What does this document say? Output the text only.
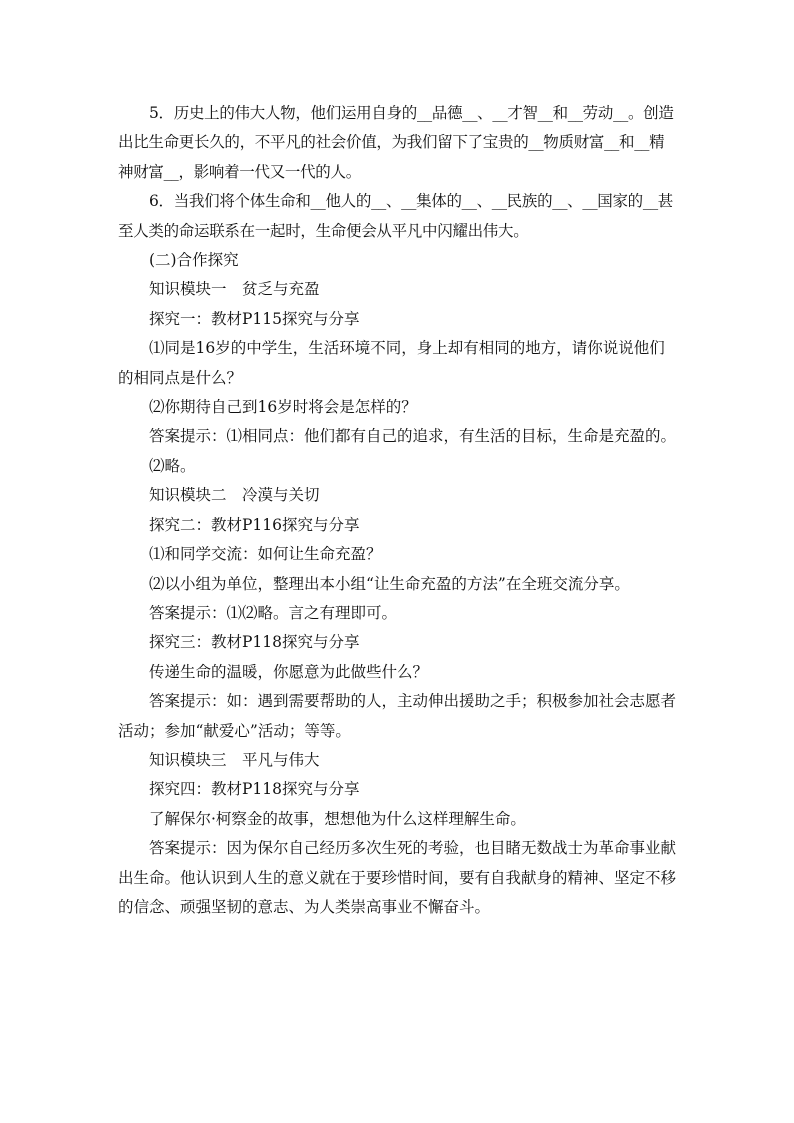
5．历史上的伟大人物，他们运用自身的__品德__、__才智__和__劳动__。创造出比生命更长久的，不平凡的社会价值，为我们留下了宝贵的__物质财富__和__精神财富__，影响着一代又一代的人。

6．当我们将个体生命和__他人的__、__集体的__、__民族的__、__国家的__甚至人类的命运联系在一起时，生命便会从平凡中闪耀出伟大。

(二)合作探究

知识模块一　贫乏与充盈

探究一：教材P115探究与分享

⑴同是16岁的中学生，生活环境不同，身上却有相同的地方，请你说说他们的相同点是什么？

⑵你期待自己到16岁时将会是怎样的？

答案提示：⑴相同点：他们都有自己的追求，有生活的目标，生命是充盈的。

⑵略。

知识模块二　冷漠与关切

探究二：教材P116探究与分享

⑴和同学交流：如何让生命充盈？

⑵以小组为单位，整理出本小组“让生命充盈的方法”在全班交流分享。

答案提示：⑴⑵略。言之有理即可。

探究三：教材P118探究与分享

传递生命的温暖，你愿意为此做些什么？

答案提示：如：遇到需要帮助的人，主动伸出援助之手；积极参加社会志愿者活动；参加“献爱心”活动；等等。

知识模块三　平凡与伟大

探究四：教材P118探究与分享

了解保尔·柯察金的故事，想想他为什么这样理解生命。

答案提示：因为保尔自己经历多次生死的考验，也目睹无数战士为革命事业献出生命。他认识到人生的意义就在于要珍惜时间，要有自我献身的精神、坚定不移的信念、顽强坚韧的意志、为人类崇高事业不懈奋斗。
